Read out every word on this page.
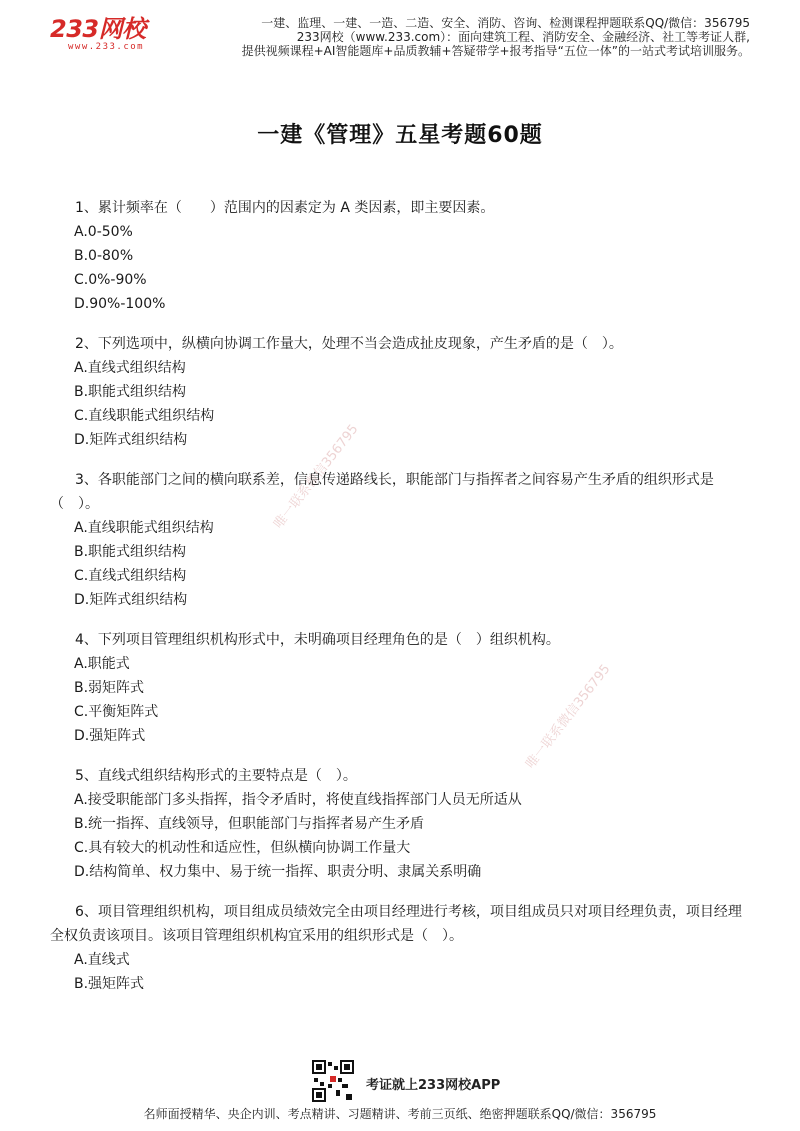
233网校
www.233.com
一建、监理、一建、一造、二造、安全、消防、咨询、检测课程押题联系QQ/微信：356795
233网校（www.233.com）：面向建筑工程、消防安全、金融经济、社工等考证人群,
提供视频课程+AI智能题库+品质教辅+答疑带学+报考指导“五位一体”的一站式考试培训服务。
一建《管理》五星考题60题
唯一联系微信356795
唯一联系微信356795
1、累计频率在（　　）范围内的因素定为 A 类因素，即主要因素。
A.0-50%
B.0-80%
C.0%-90%
D.90%-100%
2、下列选项中，纵横向协调工作量大，处理不当会造成扯皮现象，产生矛盾的是（　）。
A.直线式组织结构
B.职能式组织结构
C.直线职能式组织结构
D.矩阵式组织结构
3、各职能部门之间的横向联系差，信息传递路线长，职能部门与指挥者之间容易产生矛盾的组织形式是（　）。
A.直线职能式组织结构
B.职能式组织结构
C.直线式组织结构
D.矩阵式组织结构
4、下列项目管理组织机构形式中，未明确项目经理角色的是（　）组织机构。
A.职能式
B.弱矩阵式
C.平衡矩阵式
D.强矩阵式
5、直线式组织结构形式的主要特点是（　）。
A.接受职能部门多头指挥，指令矛盾时，将使直线指挥部门人员无所适从
B.统一指挥、直线领导，但职能部门与指挥者易产生矛盾
C.具有较大的机动性和适应性，但纵横向协调工作量大
D.结构简单、权力集中、易于统一指挥、职责分明、隶属关系明确
6、项目管理组织机构，项目组成员绩效完全由项目经理进行考核，项目组成员只对项目经理负责，项目经理全权负责该项目。该项目管理组织机构宜采用的组织形式是（　）。
A.直线式
B.强矩阵式
考证就上233网校APP
名师面授精华、央企内训、考点精讲、习题精讲、考前三页纸、绝密押题联系QQ/微信：356795
